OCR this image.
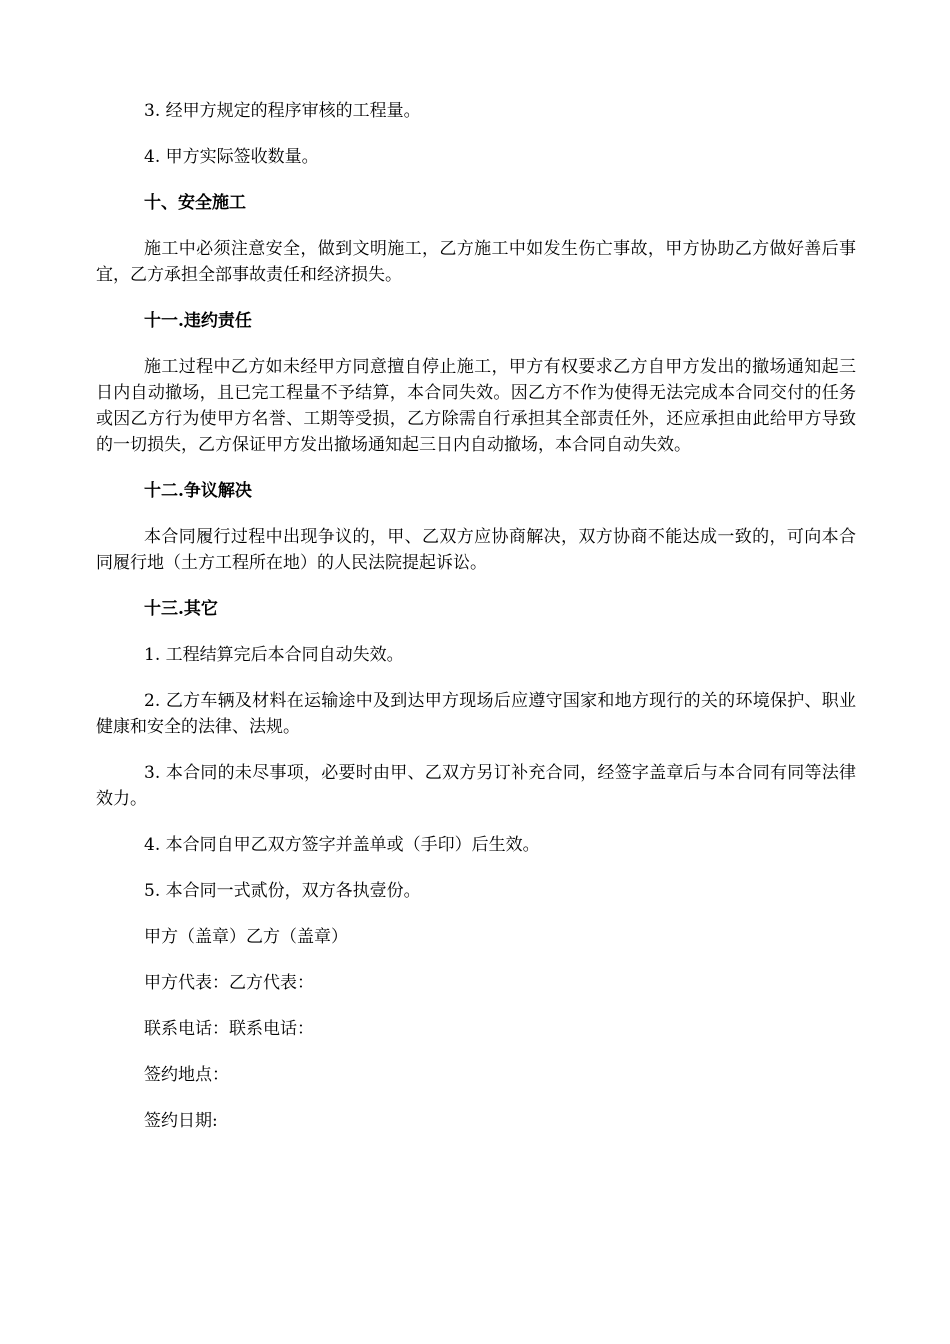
3. 经甲方规定的程序审核的工程量。

4. 甲方实际签收数量。

十、安全施工

施工中必须注意安全，做到文明施工，乙方施工中如发生伤亡事故，甲方协助乙方做好善后事宜，乙方承担全部事故责任和经济损失。

十一.违约责任

施工过程中乙方如未经甲方同意擅自停止施工，甲方有权要求乙方自甲方发出的撤场通知起三日内自动撤场，且已完工程量不予结算，本合同失效。因乙方不作为使得无法完成本合同交付的任务或因乙方行为使甲方名誉、工期等受损，乙方除需自行承担其全部责任外，还应承担由此给甲方导致的一切损失，乙方保证甲方发出撤场通知起三日内自动撤场，本合同自动失效。

十二.争议解决

本合同履行过程中出现争议的，甲、乙双方应协商解决，双方协商不能达成一致的，可向本合同履行地（土方工程所在地）的人民法院提起诉讼。

十三.其它

1. 工程结算完后本合同自动失效。

2. 乙方车辆及材料在运输途中及到达甲方现场后应遵守国家和地方现行的关的环境保护、职业健康和安全的法律、法规。

3. 本合同的未尽事项，必要时由甲、乙双方另订补充合同，经签字盖章后与本合同有同等法律效力。

4. 本合同自甲乙双方签字并盖单或（手印）后生效。

5. 本合同一式贰份，双方各执壹份。

甲方（盖章）乙方（盖章）

甲方代表：乙方代表：

联系电话：联系电话：

签约地点：

签约日期:
